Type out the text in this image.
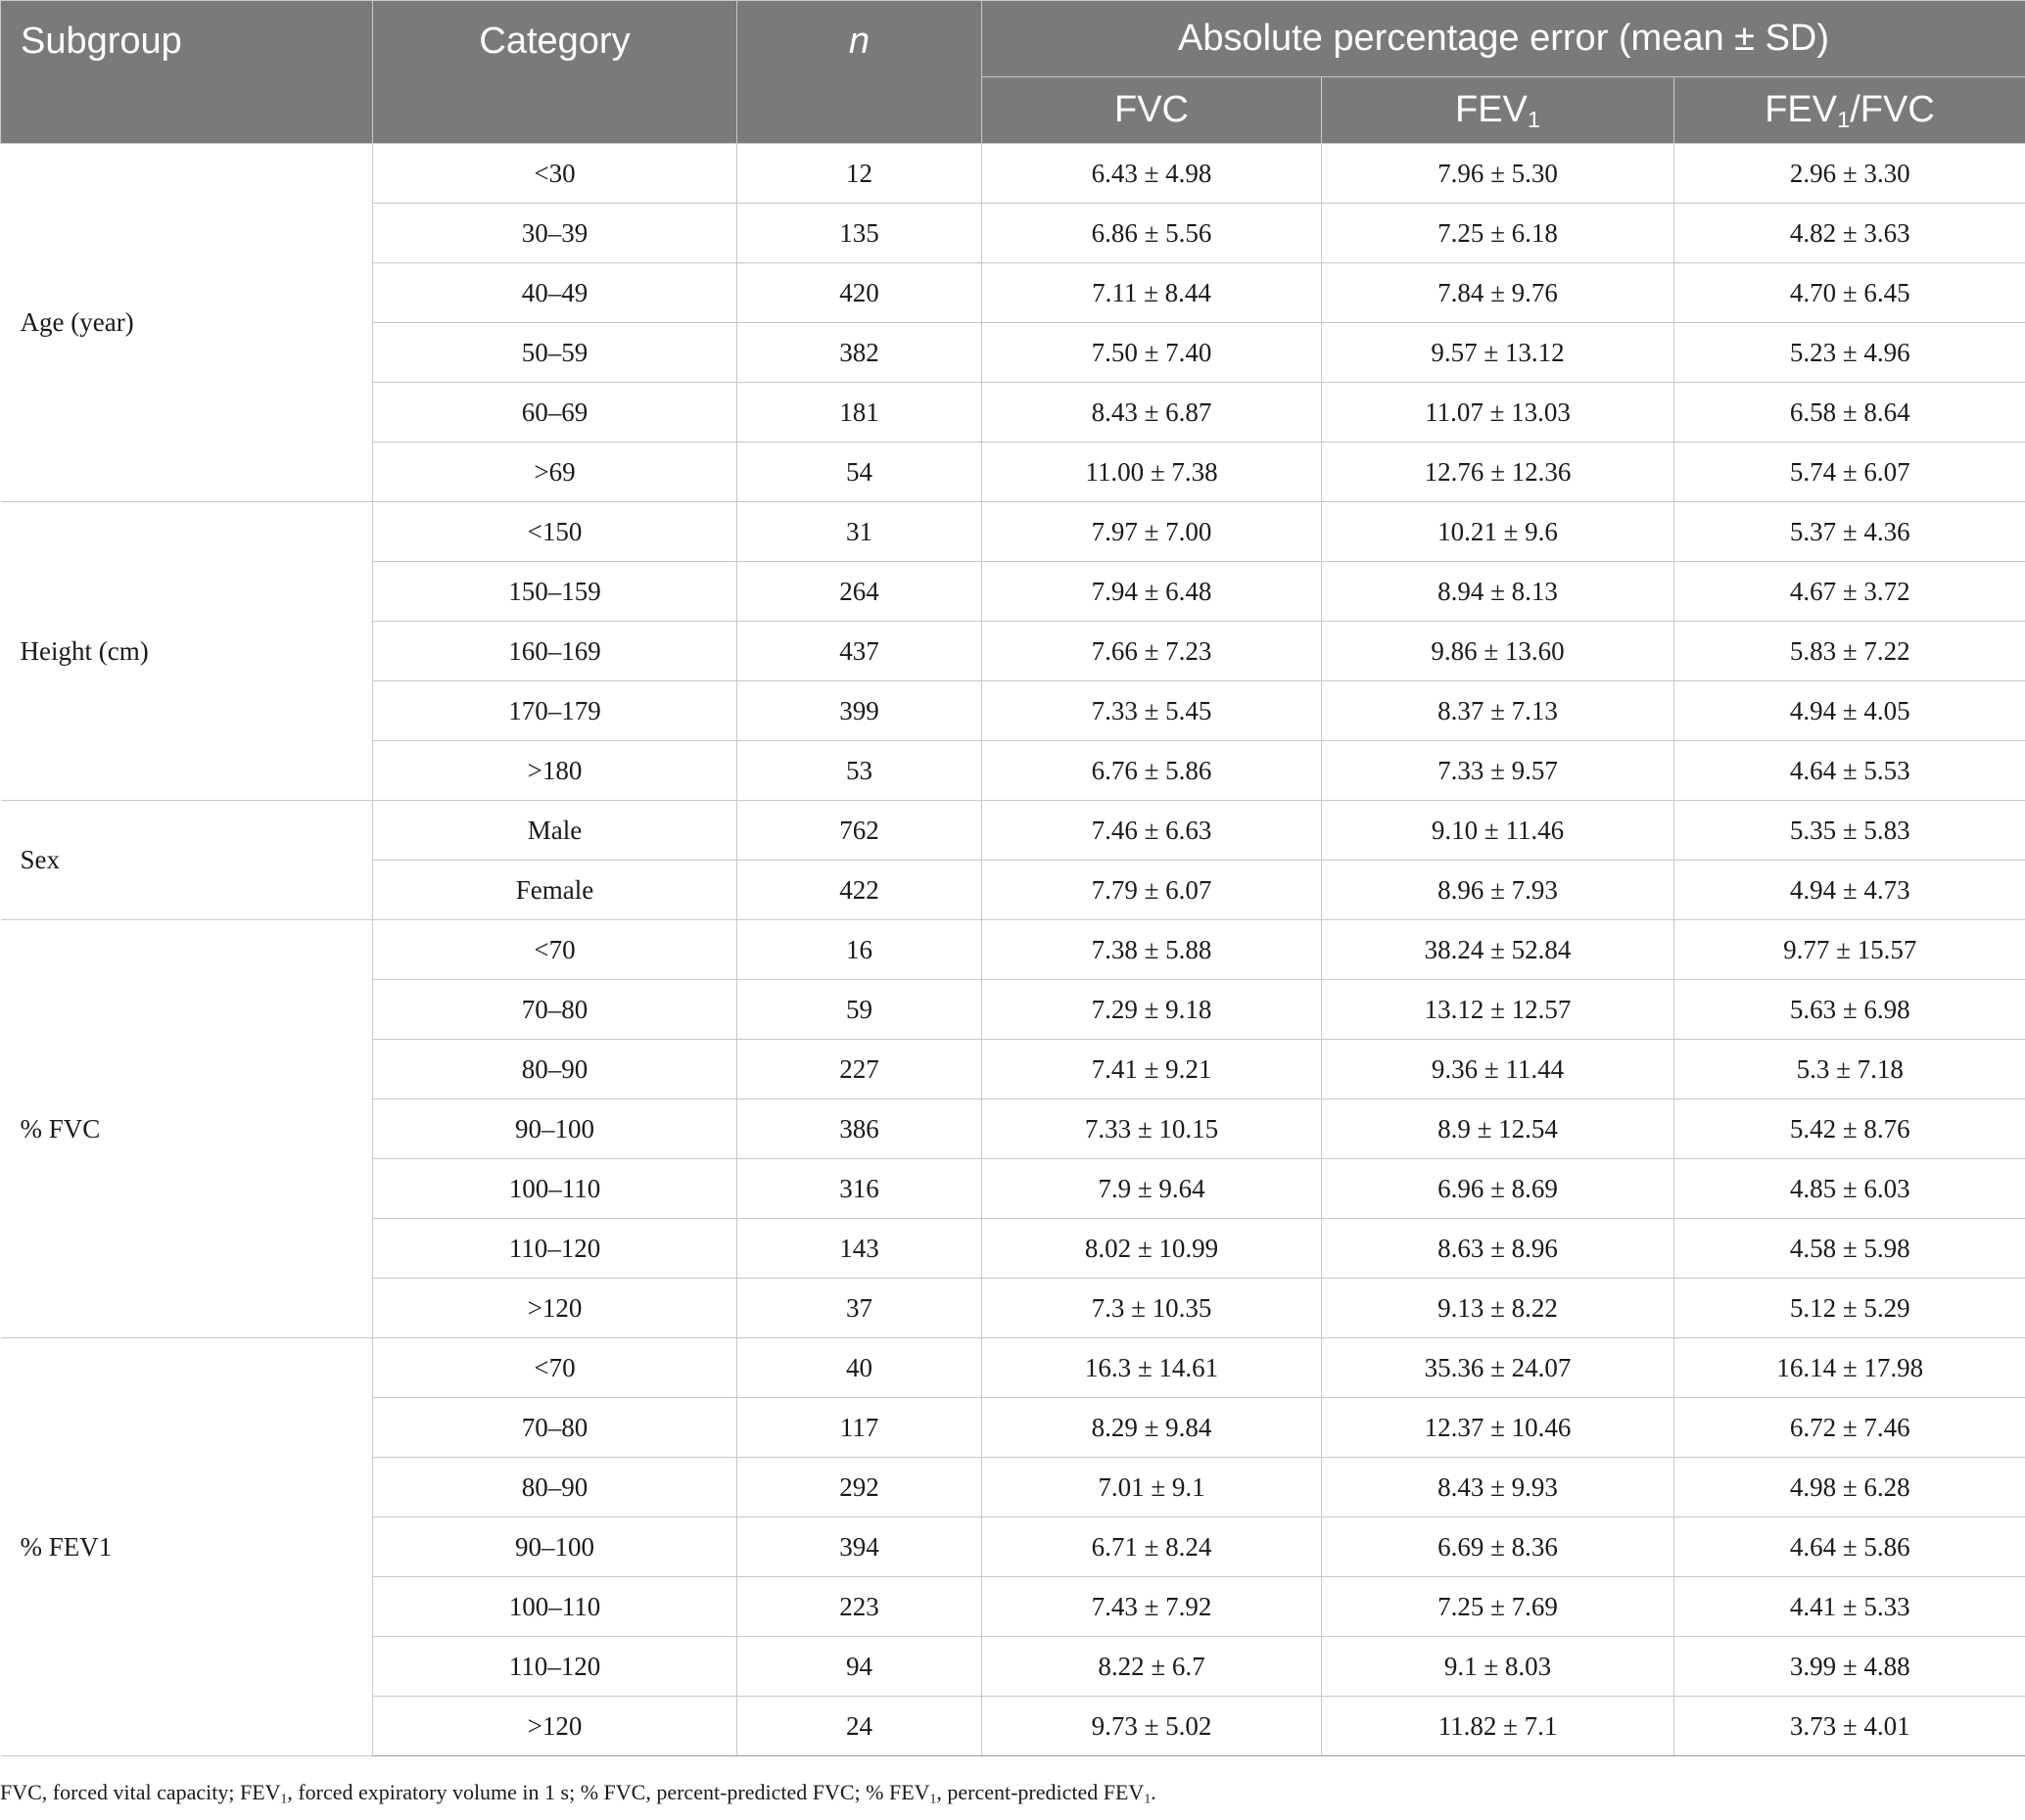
Subgroup	Category	n	Absolute percentage error (mean ± SD)		
			FVC	$FEV_1$	$FEV_1$/FVC
Age (year)	<30	12	6.43 ± 4.98	7.96 ± 5.30	2.96 ± 3.30
	30–39	135	6.86 ± 5.56	7.25 ± 6.18	4.82 ± 3.63
	40–49	420	7.11 ± 8.44	7.84 ± 9.76	4.70 ± 6.45
	50–59	382	7.50 ± 7.40	9.57 ± 13.12	5.23 ± 4.96
	60–69	181	8.43 ± 6.87	11.07 ± 13.03	6.58 ± 8.64
	>69	54	11.00 ± 7.38	12.76 ± 12.36	5.74 ± 6.07
Height (cm)	<150	31	7.97 ± 7.00	10.21 ± 9.6	5.37 ± 4.36
	150–159	264	7.94 ± 6.48	8.94 ± 8.13	4.67 ± 3.72
	160–169	437	7.66 ± 7.23	9.86 ± 13.60	5.83 ± 7.22
	170–179	399	7.33 ± 5.45	8.37 ± 7.13	4.94 ± 4.05
	>180	53	6.76 ± 5.86	7.33 ± 9.57	4.64 ± 5.53
Sex	Male	762	7.46 ± 6.63	9.10 ± 11.46	5.35 ± 5.83
	Female	422	7.79 ± 6.07	8.96 ± 7.93	4.94 ± 4.73
% FVC	<70	16	7.38 ± 5.88	38.24 ± 52.84	9.77 ± 15.57
	70–80	59	7.29 ± 9.18	13.12 ± 12.57	5.63 ± 6.98
	80–90	227	7.41 ± 9.21	9.36 ± 11.44	5.3 ± 7.18
	90–100	386	7.33 ± 10.15	8.9 ± 12.54	5.42 ± 8.76
	100–110	316	7.9 ± 9.64	6.96 ± 8.69	4.85 ± 6.03
	110–120	143	8.02 ± 10.99	8.63 ± 8.96	4.58 ± 5.98
	>120	37	7.3 ± 10.35	9.13 ± 8.22	5.12 ± 5.29
% FEV1	<70	40	16.3 ± 14.61	35.36 ± 24.07	16.14 ± 17.98
	70–80	117	8.29 ± 9.84	12.37 ± 10.46	6.72 ± 7.46
	80–90	292	7.01 ± 9.1	8.43 ± 9.93	4.98 ± 6.28
	90–100	394	6.71 ± 8.24	6.69 ± 8.36	4.64 ± 5.86
	100–110	223	7.43 ± 7.92	7.25 ± 7.69	4.41 ± 5.33
	110–120	94	8.22 ± 6.7	9.1 ± 8.03	3.99 ± 4.88
	>120	24	9.73 ± 5.02	11.82 ± 7.1	3.73 ± 4.01
FVC, forced vital capacity; $FEV_1$, forced expiratory volume in 1 s; % FVC, percent-predicted FVC; % $FEV_1$, percent-predicted $FEV_1$.
